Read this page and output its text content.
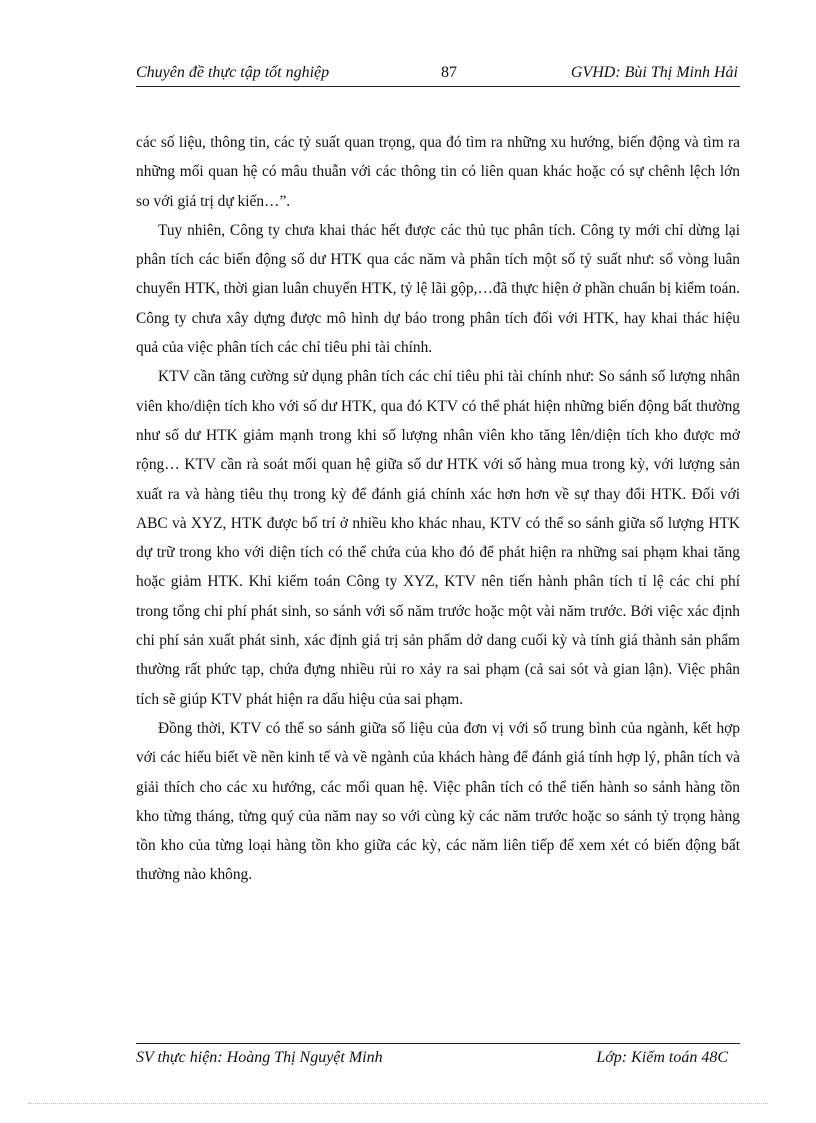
Chuyên đề thực tập tốt nghiệp	87	GVHD: Bùi Thị Minh Hải

các số liệu, thông tin, các tỷ suất quan trọng, qua đó tìm ra những xu hướng, biến động và tìm ra những mối quan hệ có mâu thuẫn với các thông tin có liên quan khác hoặc có sự chênh lệch lớn so với giá trị dự kiến…”.

Tuy nhiên, Công ty chưa khai thác hết được các thủ tục phân tích. Công ty mới chỉ dừng lại phân tích các biến động số dư HTK qua các năm và phân tích một số tỷ suất như: số vòng luân chuyển HTK, thời gian luân chuyển HTK, tỷ lệ lãi gộp,…đã thực hiện ở phần chuẩn bị kiểm toán. Công ty chưa xây dựng được mô hình dự báo trong phân tích đối với HTK, hay khai thác hiệu quả của việc phân tích các chỉ tiêu phi tài chính.

KTV cần tăng cường sử dụng phân tích các chỉ tiêu phi tài chính như: So sánh số lượng nhân viên kho/diện tích kho với số dư HTK, qua đó KTV có thể phát hiện những biến động bất thường như số dư HTK giảm mạnh trong khi số lượng nhân viên kho tăng lên/diện tích kho được mở rộng… KTV cần rà soát mối quan hệ giữa số dư HTK với số hàng mua trong kỳ, với lượng sản xuất ra và hàng tiêu thụ trong kỳ để đánh giá chính xác hơn hơn về sự thay đổi HTK. Đối với ABC và XYZ, HTK được bố trí ở nhiều kho khác nhau, KTV có thể so sánh giữa số lượng HTK dự trữ trong kho với diện tích có thể chứa của kho đó để phát hiện ra những sai phạm khai tăng hoặc giảm HTK. Khi kiểm toán Công ty XYZ, KTV nên tiến hành phân tích tỉ lệ các chi phí trong tổng chi phí phát sinh, so sánh với số năm trước hoặc một vài năm trước. Bởi việc xác định chi phí sản xuất phát sinh, xác định giá trị sản phẩm dở dang cuối kỳ và tính giá thành sản phẩm thường rất phức tạp, chứa đựng nhiều rủi ro xảy ra sai phạm (cả sai sót và gian lận). Việc phân tích sẽ giúp KTV phát hiện ra dấu hiệu của sai phạm.

Đồng thời, KTV có thể so sánh giữa số liệu của đơn vị với số trung bình của ngành, kết hợp với các hiểu biết về nền kinh tế và về ngành của khách hàng để đánh giá tính hợp lý, phân tích và giải thích cho các xu hướng, các mối quan hệ. Việc phân tích có thể tiến hành so sánh hàng tồn kho từng tháng, từng quý của năm nay so với cùng kỳ các năm trước hoặc so sánh tỷ trọng hàng tồn kho của từng loại hàng tồn kho giữa các kỳ, các năm liên tiếp để xem xét có biến động bất thường nào không.

SV thực hiện: Hoàng Thị Nguyệt Minh	Lớp: Kiểm toán 48C
